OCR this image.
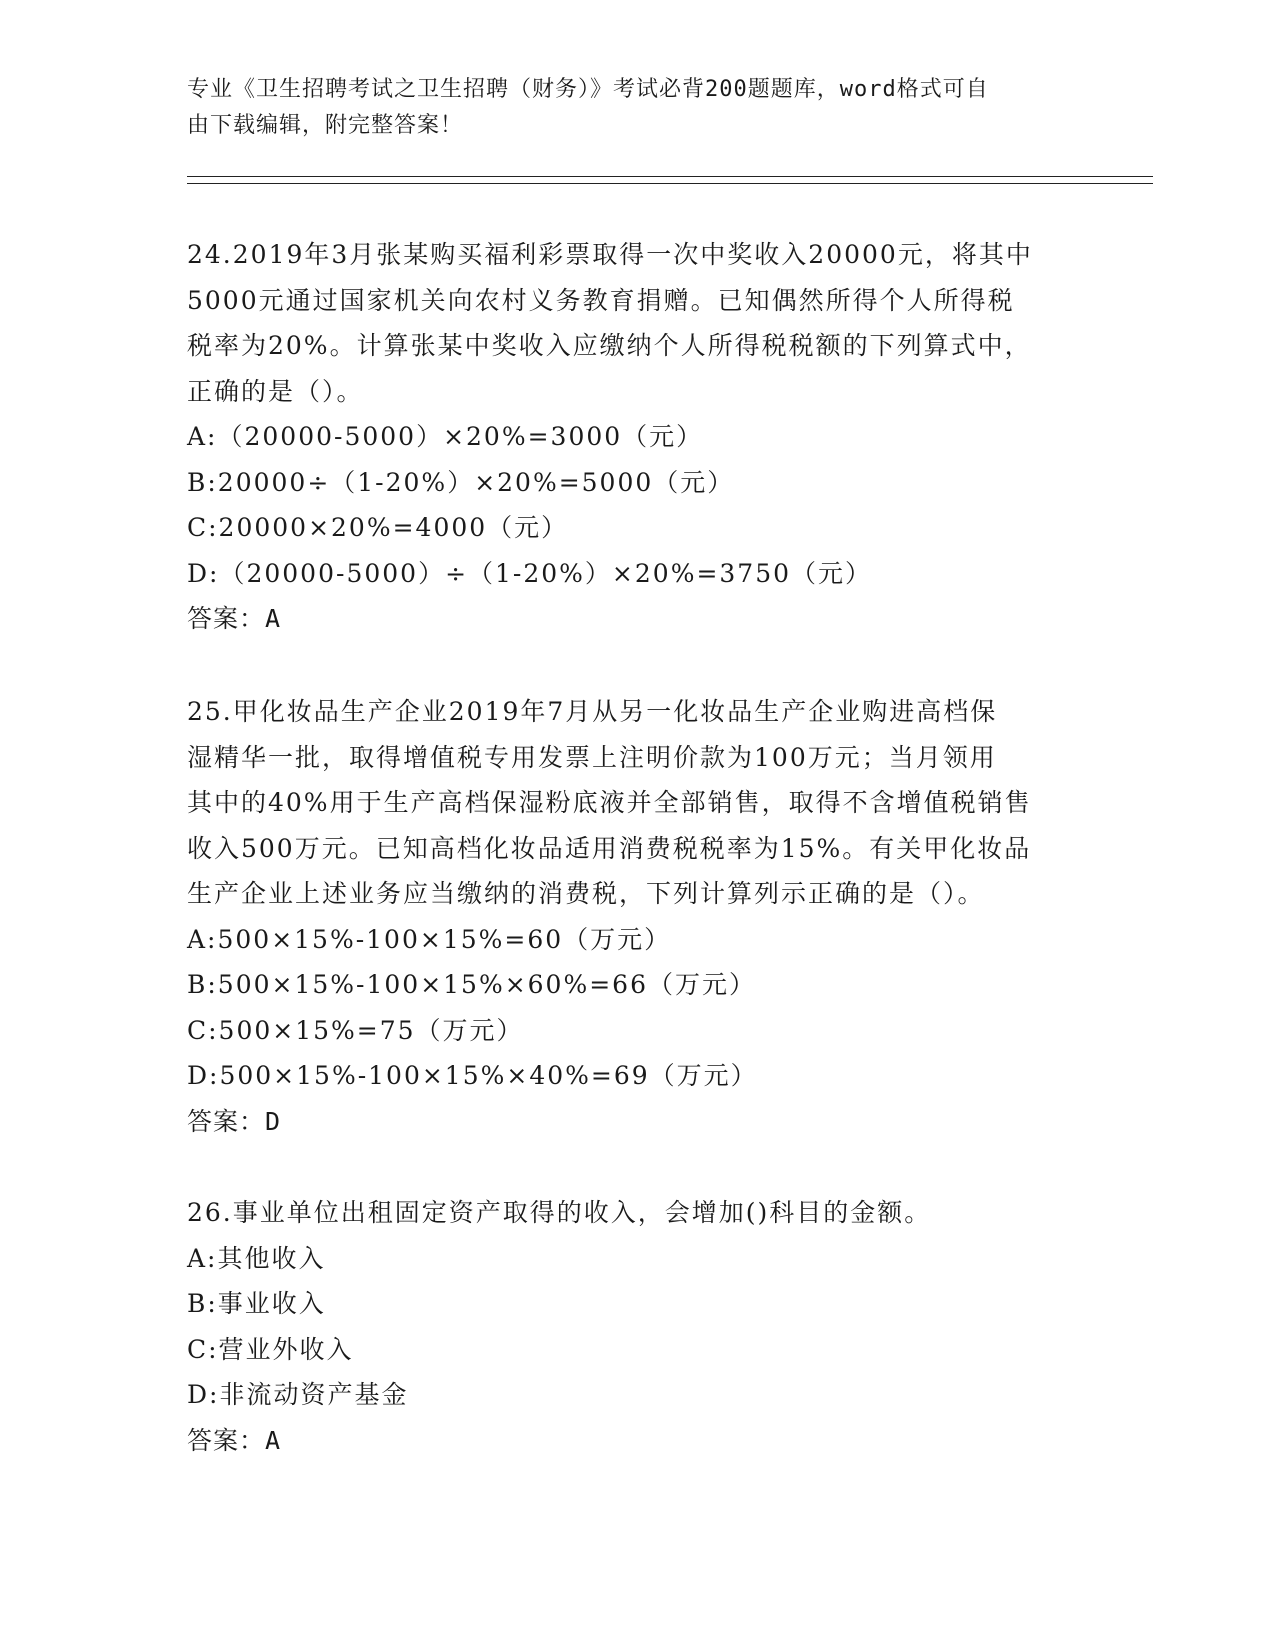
专业《卫生招聘考试之卫生招聘（财务）》考试必背200题题库，word格式可自
由下载编辑，附完整答案！

24.2019年3月张某购买福利彩票取得一次中奖收入20000元，将其中

5000元通过国家机关向农村义务教育捐赠。已知偶然所得个人所得税

税率为20%。计算张某中奖收入应缴纳个人所得税税额的下列算式中，

正确的是（）。

A:（20000-5000）×20%=3000（元）

B:20000÷（1-20%）×20%=5000（元）

C:20000×20%=4000（元）

D:（20000-5000）÷（1-20%）×20%=3750（元）

答案：A

25.甲化妆品生产企业2019年7月从另一化妆品生产企业购进高档保

湿精华一批，取得增值税专用发票上注明价款为100万元；当月领用

其中的40%用于生产高档保湿粉底液并全部销售，取得不含增值税销售

收入500万元。已知高档化妆品适用消费税税率为15%。有关甲化妆品

生产企业上述业务应当缴纳的消费税，下列计算列示正确的是（）。

A:500×15%-100×15%=60（万元）

B:500×15%-100×15%×60%=66（万元）

C:500×15%=75（万元）

D:500×15%-100×15%×40%=69（万元）

答案：D

26.事业单位出租固定资产取得的收入，会增加()科目的金额。

A:其他收入

B:事业收入

C:营业外收入

D:非流动资产基金

答案：A
